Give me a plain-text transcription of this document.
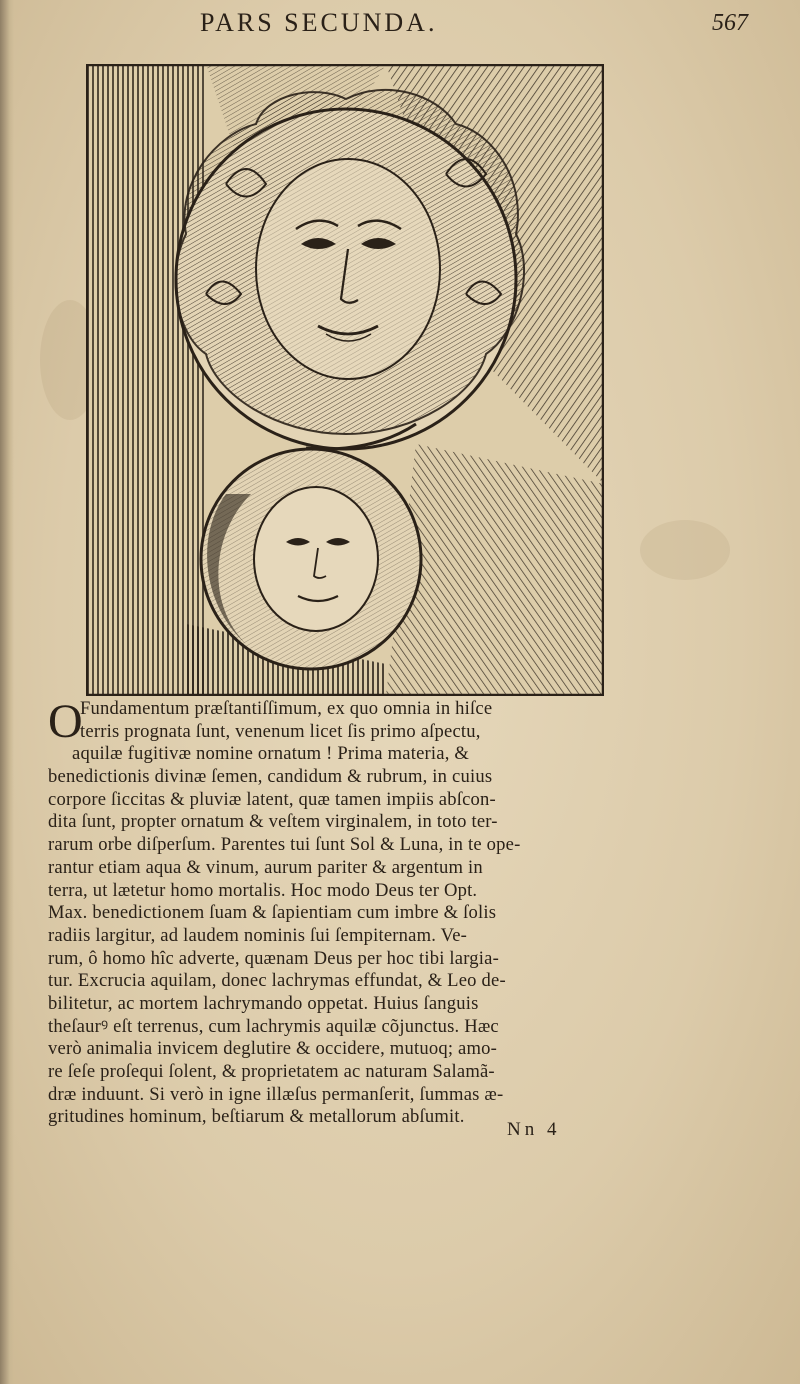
PARS SECUNDA.	567
O
Fundamentum præſtantiſſimum, ex quo omnia in hiſce
terris prognata ſunt, venenum licet ſis primo aſpectu,
aquilæ fugitivæ nomine ornatum ! Prima materia, &
benedictionis divinæ ſemen, candidum & rubrum, in cuius
corpore ſiccitas & pluviæ latent, quæ tamen impiis abſcon-
dita ſunt, propter ornatum & veſtem virginalem, in toto ter-
rarum orbe diſperſum. Parentes tui ſunt Sol & Luna, in te ope-
rantur etiam aqua & vinum, aurum pariter & argentum in
terra, ut lætetur homo mortalis. Hoc modo Deus ter Opt.
Max. benedictionem ſuam & ſapientiam cum imbre & ſolis
radiis largitur, ad laudem nominis ſui ſempiternam. Ve-
rum, ô homo hîc adverte, quænam Deus per hoc tibi largia-
tur. Excrucia aquilam, donec lachrymas effundat, & Leo de-
bilitetur, ac mortem lachrymando oppetat. Huius ſanguis
theſaurꝰ eſt terrenus, cum lachrymis aquilæ cõjunctus. Hæc
verò animalia invicem deglutire & occidere, mutuoq; amo-
re ſeſe proſequi ſolent, & proprietatem ac naturam Salamã-
dræ induunt. Si verò in igne illæſus permanſerit, ſummas æ-
gritudines hominum, beſtiarum & metallorum abſumit.
Nn 4
